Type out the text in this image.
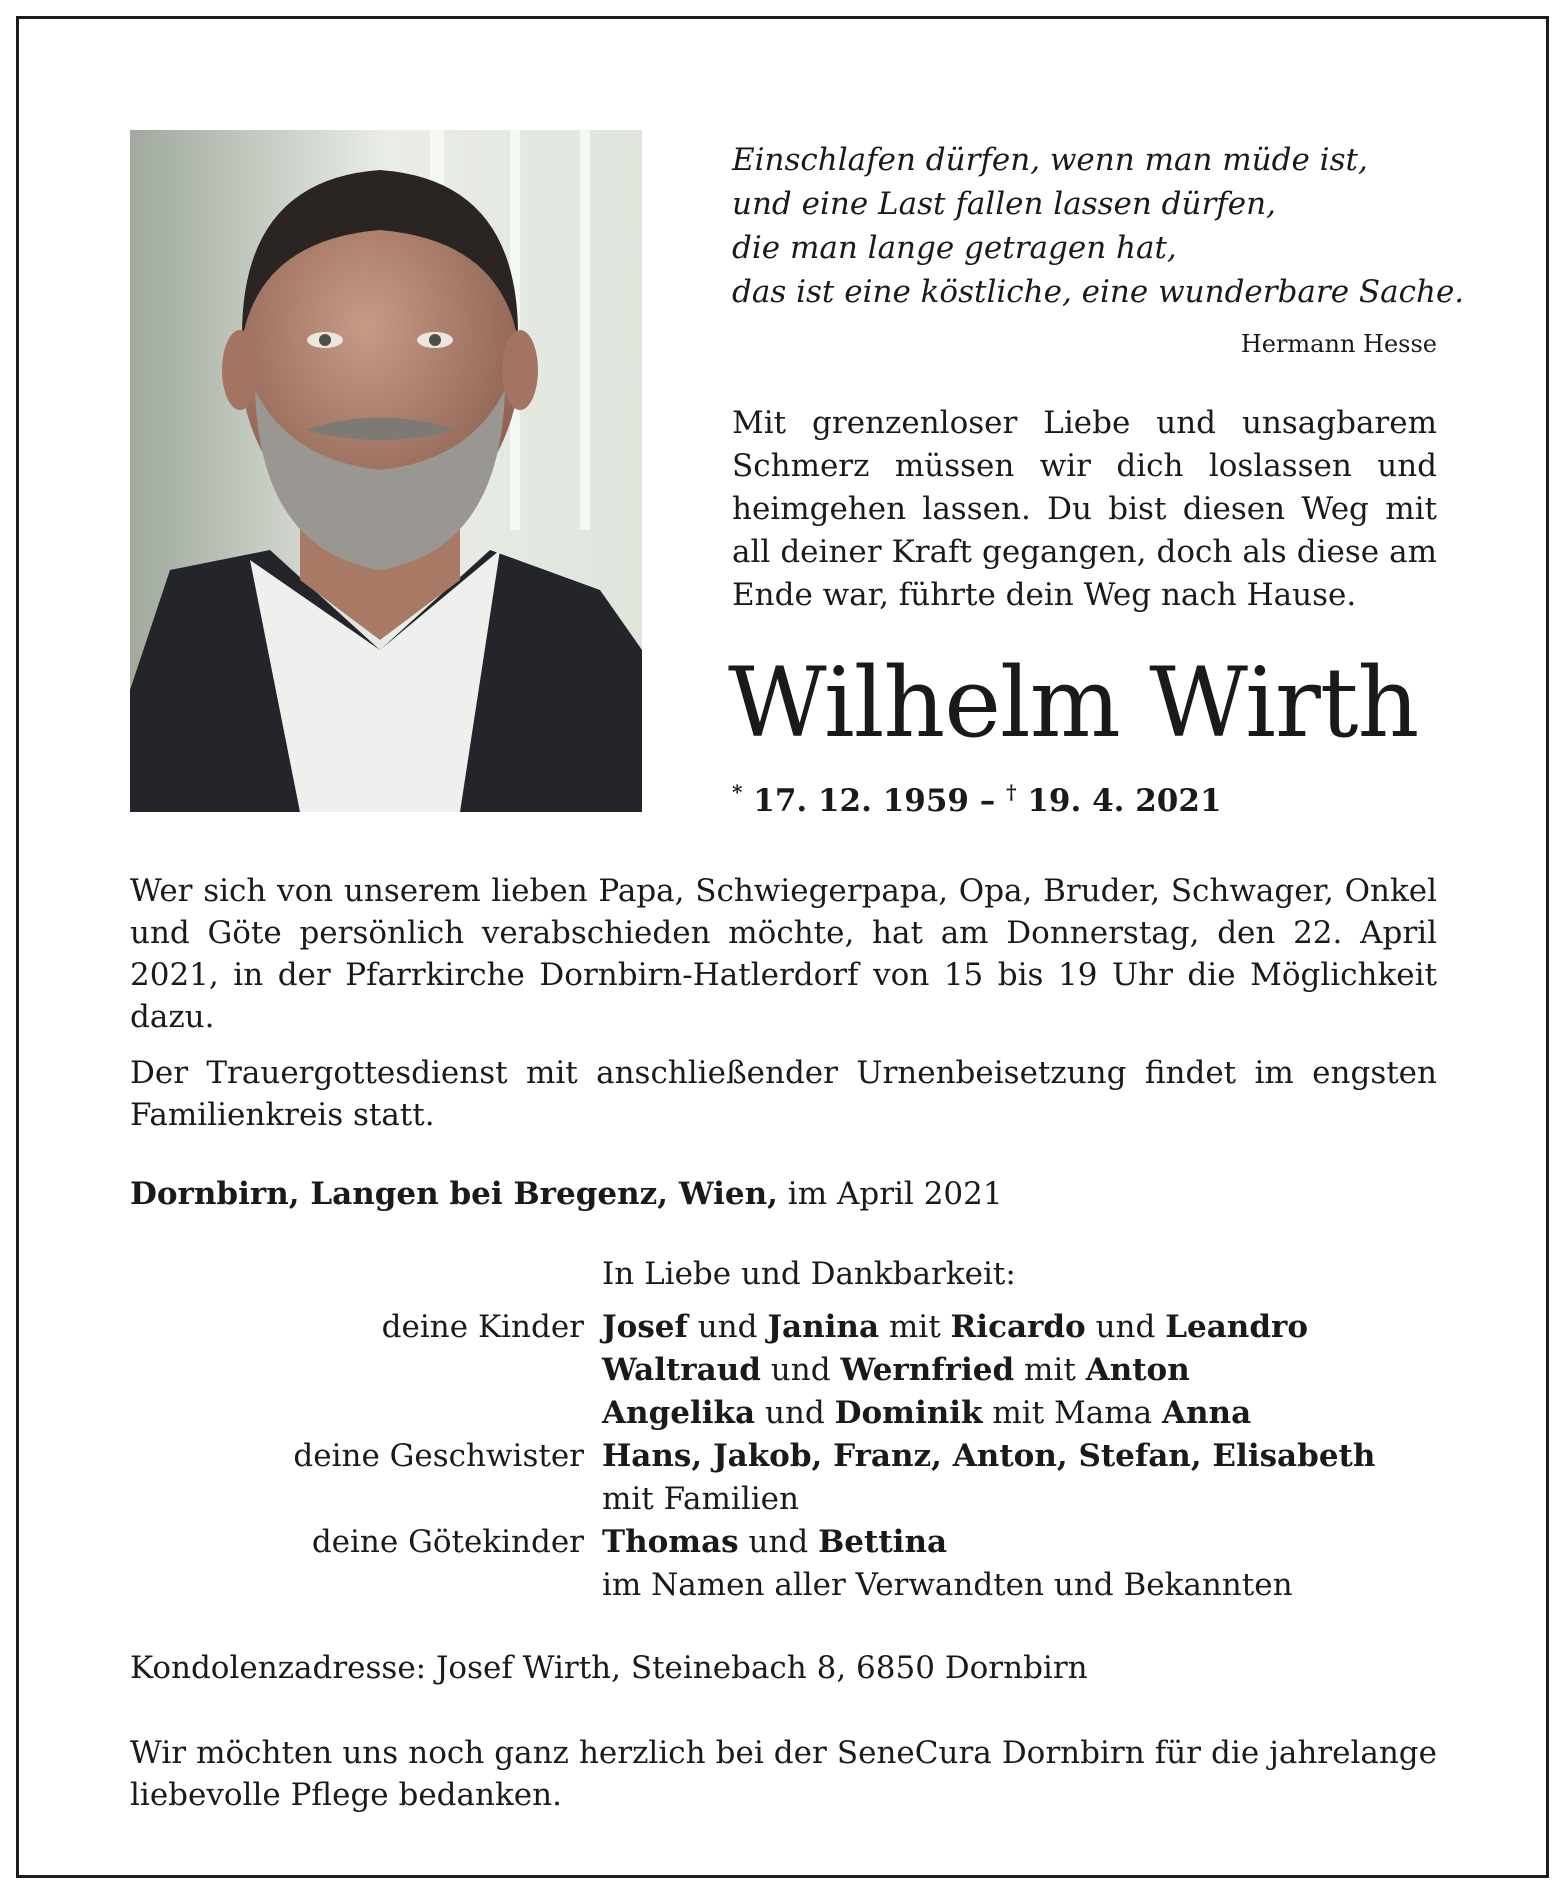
Einschlafen dürfen, wenn man müde ist,
und eine Last fallen lassen dürfen,
die man lange getragen hat,
das ist eine köstliche, eine wunderbare Sache.
Hermann Hesse
Mit grenzenloser Liebe und unsagbarem Schmerz müssen wir dich loslassen und heimgehen lassen. Du bist diesen Weg mit all deiner Kraft gegangen, doch als diese am Ende war, führte dein Weg nach Hause.
Wilhelm Wirth
* 17. 12. 1959 – † 19. 4. 2021
Wer sich von unserem lieben Papa, Schwiegerpapa, Opa, Bruder, Schwager, Onkel und Göte persönlich verabschieden möchte, hat am Donnerstag, den 22. April 2021, in der Pfarrkirche Dornbirn-Hatlerdorf von 15 bis 19 Uhr die Möglichkeit dazu.
Der Trauergottesdienst mit anschließender Urnenbeisetzung findet im engsten Familienkreis statt.
Dornbirn, Langen bei Bregenz, Wien, im April 2021
In Liebe und Dankbarkeit:
deine Kinder Josef und Janina mit Ricardo und Leandro
Waltraud und Wernfried mit Anton
Angelika und Dominik mit Mama Anna
deine Geschwister Hans, Jakob, Franz, Anton, Stefan, Elisabeth
mit Familien
deine Götekinder Thomas und Bettina
im Namen aller Verwandten und Bekannten
Kondolenzadresse: Josef Wirth, Steinebach 8, 6850 Dornbirn
Wir möchten uns noch ganz herzlich bei der SeneCura Dornbirn für die jahrelange liebevolle Pflege bedanken.
